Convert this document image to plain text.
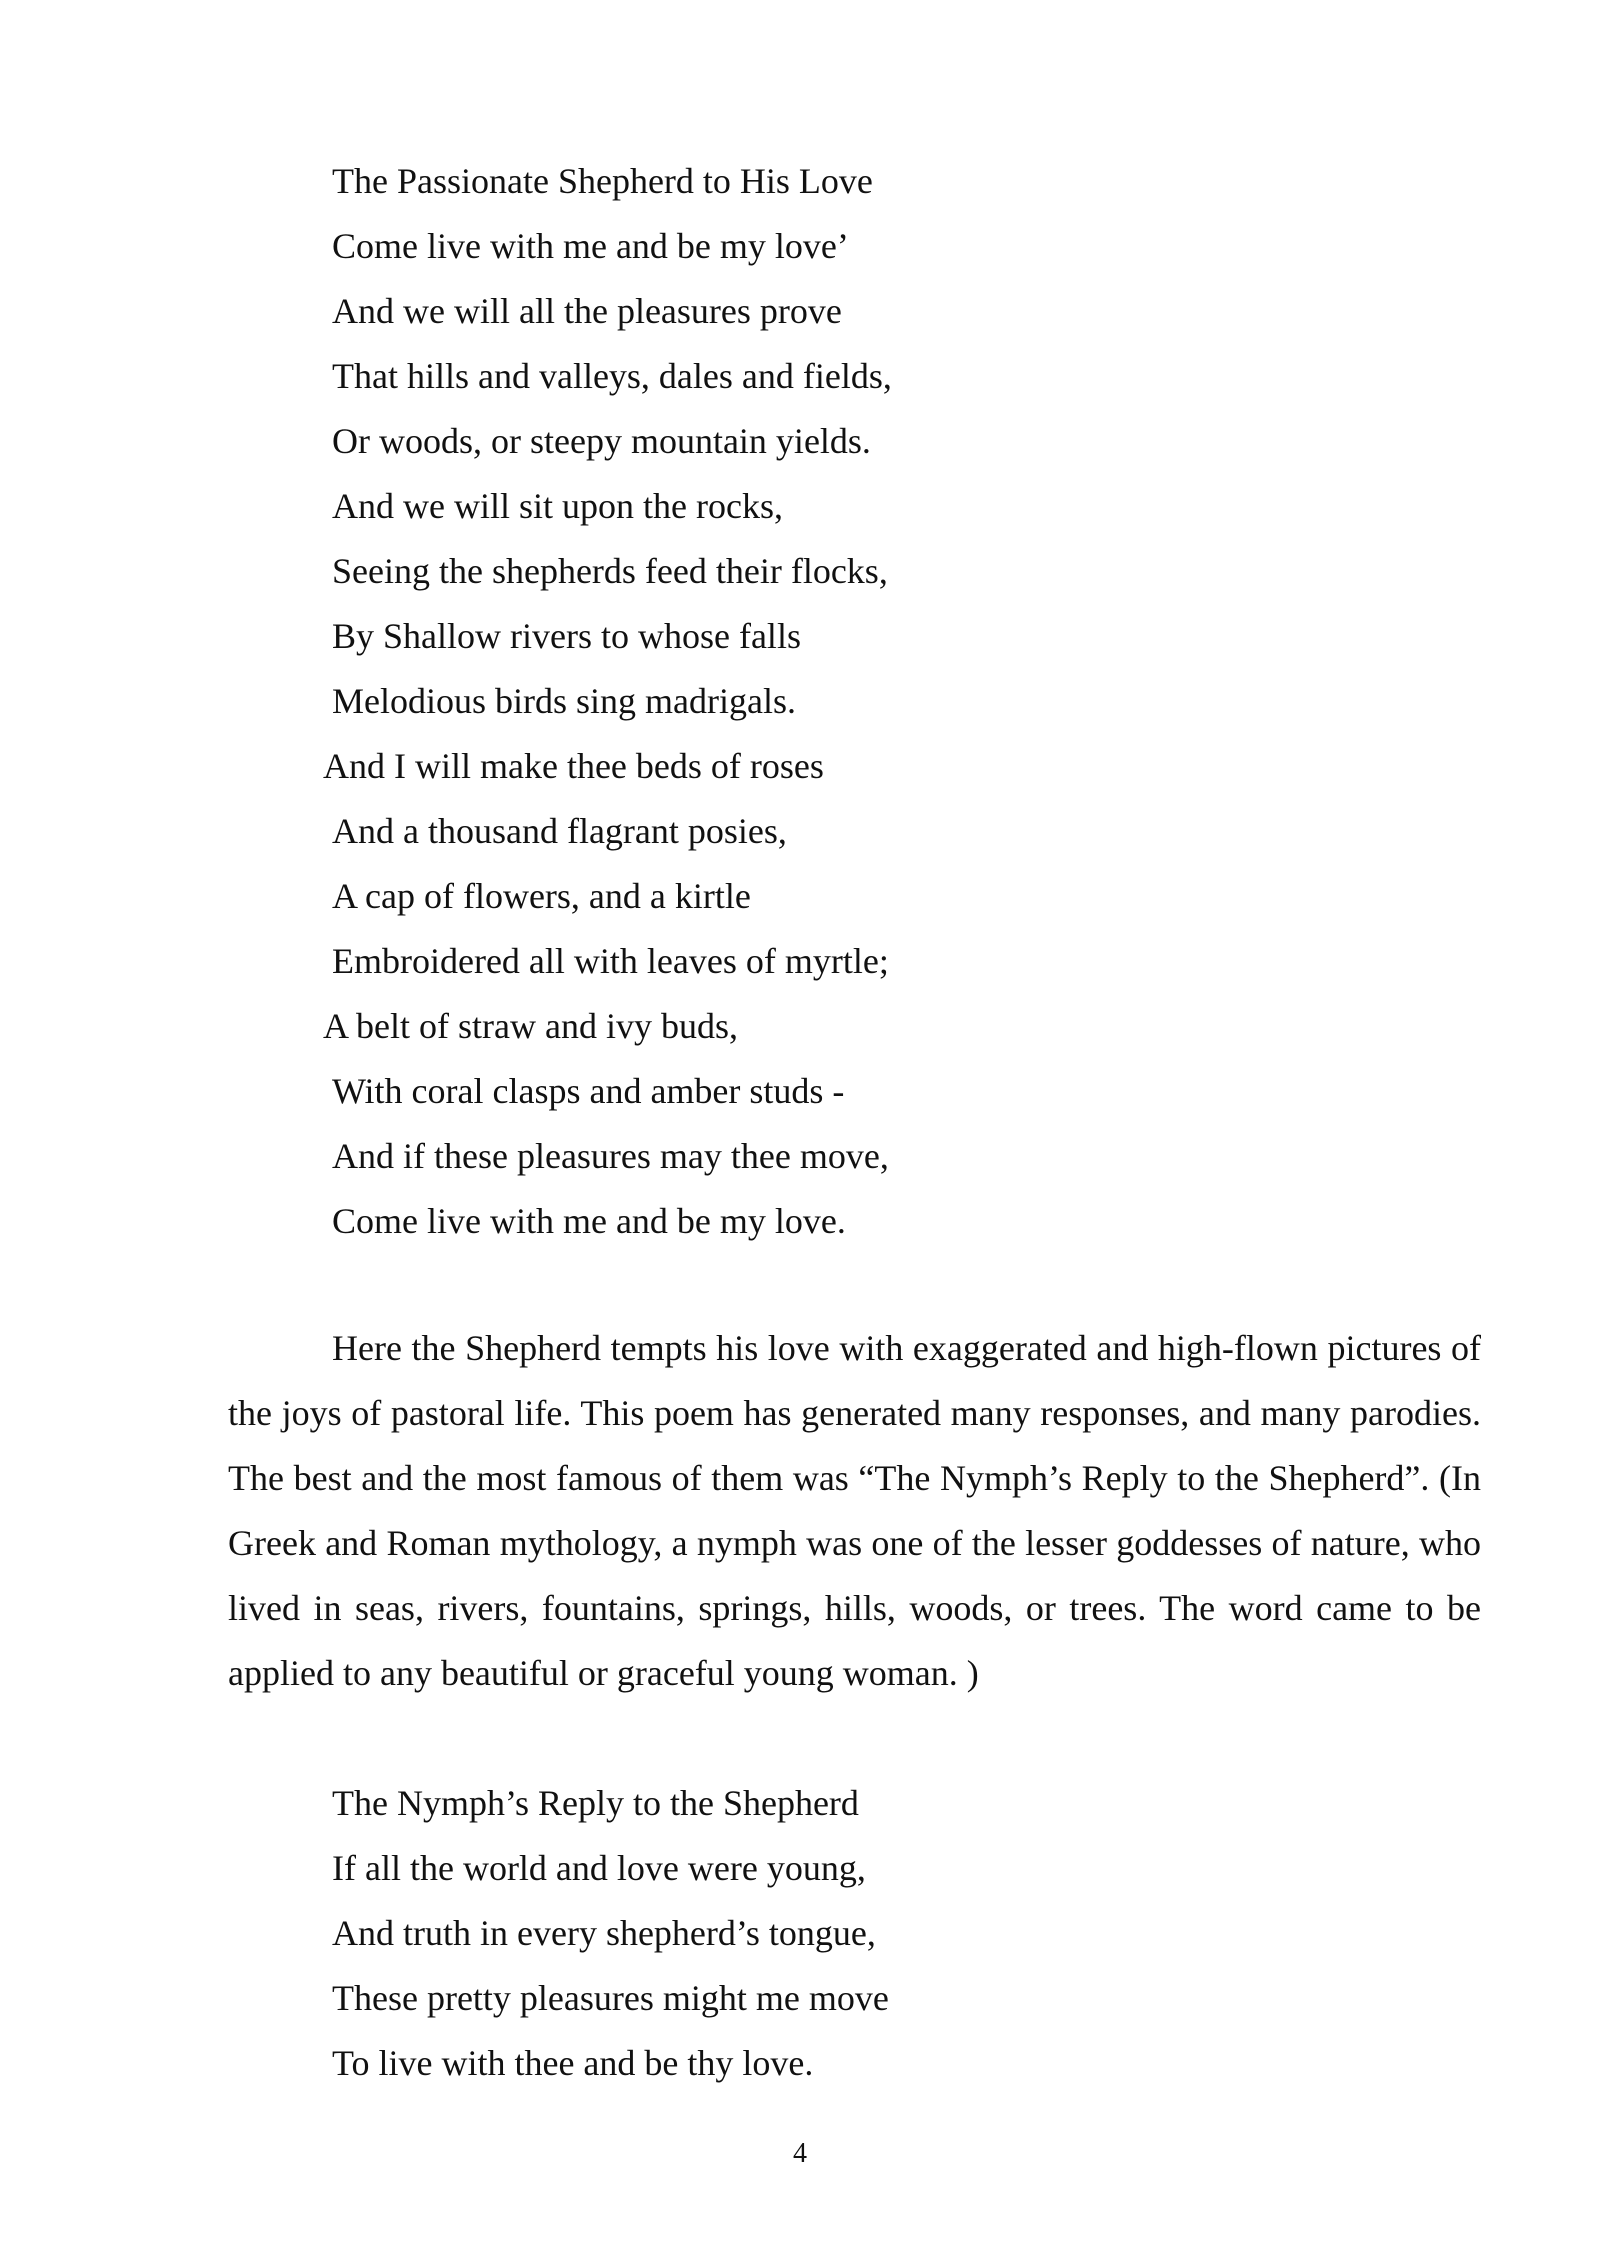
The Passionate Shepherd to His Love
Come live with me and be my love’
And we will all the pleasures prove
That hills and valleys, dales and fields,
Or woods, or steepy mountain yields.
And we will sit upon the rocks,
Seeing the shepherds feed their flocks,
By Shallow rivers to whose falls
Melodious birds sing madrigals.
And I will make thee beds of roses
And a thousand flagrant posies,
A cap of flowers, and a kirtle
Embroidered all with leaves of myrtle;
A belt of straw and ivy buds,
With coral clasps and amber studs -
And if these pleasures may thee move,
Come live with me and be my love.

Here the Shepherd tempts his love with exaggerated and high-flown pictures of the joys of pastoral life. This poem has generated many responses, and many parodies. The best and the most famous of them was “The Nymph’s Reply to the Shepherd”. (In Greek and Roman mythology, a nymph was one of the lesser goddesses of nature, who lived in seas, rivers, fountains, springs, hills, woods, or trees. The word came to be applied to any beautiful or graceful young woman. )

The Nymph’s Reply to the Shepherd
If all the world and love were young,
And truth in every shepherd’s tongue,
These pretty pleasures might me move
To live with thee and be thy love.
4
